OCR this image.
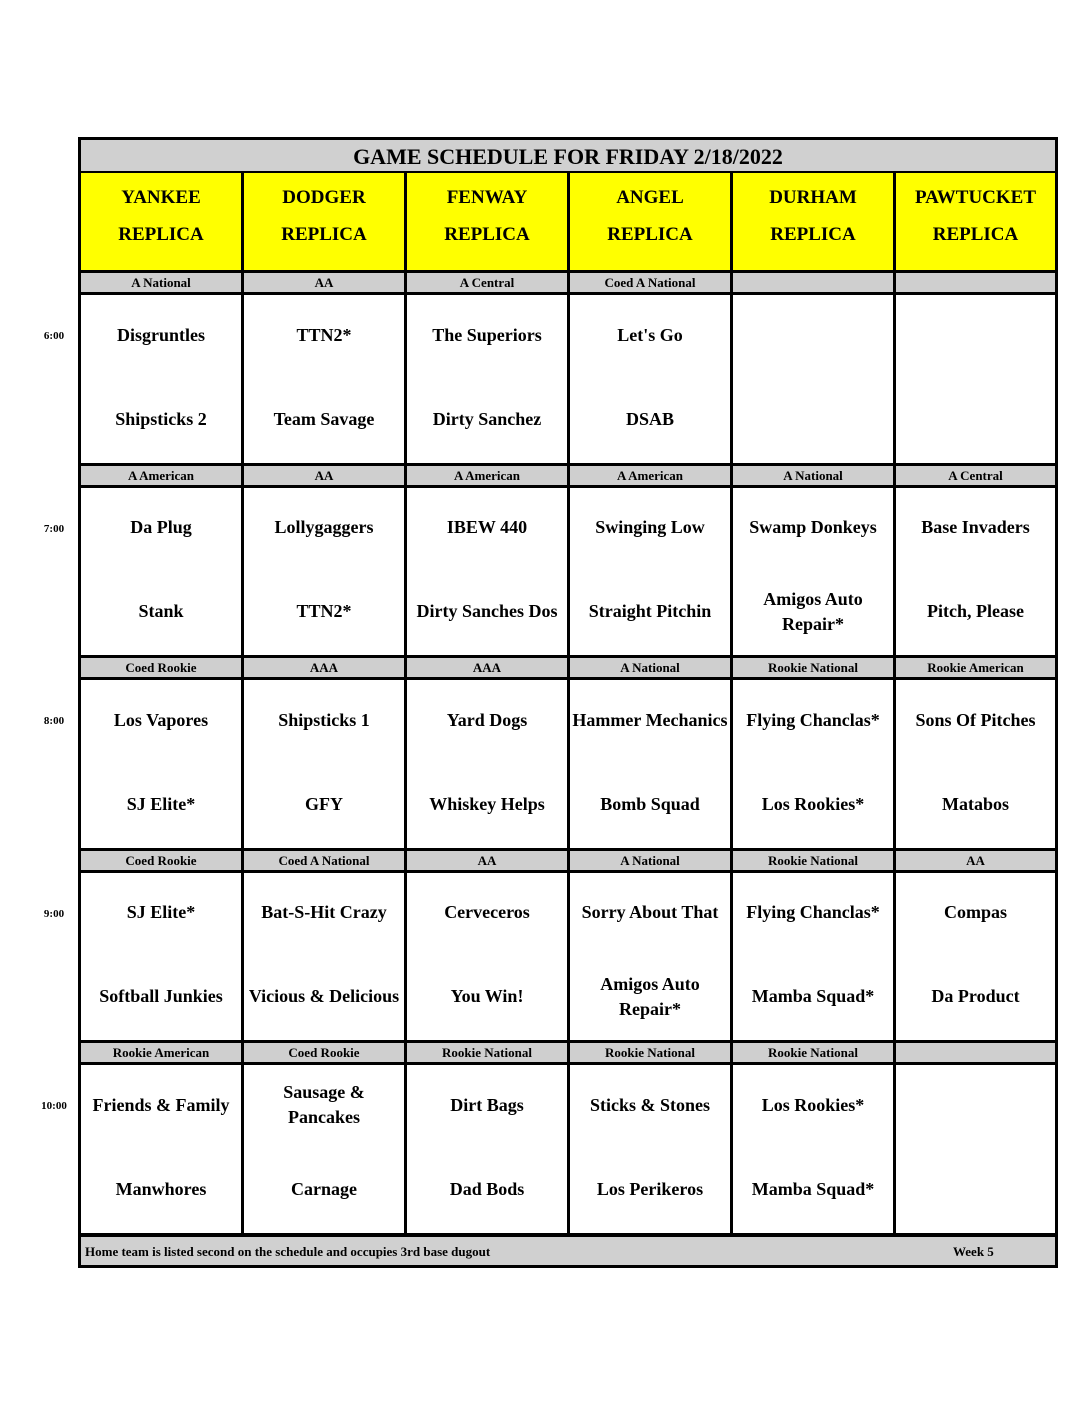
GAME SCHEDULE FOR FRIDAY 2/18/2022
YANKEE
REPLICA
DODGER
REPLICA
FENWAY
REPLICA
ANGEL
REPLICA
DURHAM
REPLICA
PAWTUCKET
REPLICA
A National
Disgruntles
Shipsticks 2
AA
TTN2*
Team Savage
A Central
The Superiors
Dirty Sanchez
Coed A National
Let's Go
DSAB
A American
Da Plug
Stank
AA
Lollygaggers
TTN2*
A American
IBEW 440
Dirty Sanches Dos
A American
Swinging Low
Straight Pitchin
A National
Swamp Donkeys
Amigos Auto Repair*
A Central
Base Invaders
Pitch, Please
Coed Rookie
Los Vapores
SJ Elite*
AAA
Shipsticks 1
GFY
AAA
Yard Dogs
Whiskey Helps
A National
Hammer Mechanics
Bomb Squad
Rookie National
Flying Chanclas*
Los Rookies*
Rookie American
Sons Of Pitches
Matabos
Coed Rookie
SJ Elite*
Softball Junkies
Coed A National
Bat-S-Hit Crazy
Vicious & Delicious
AA
Cerveceros
You Win!
A National
Sorry About That
Amigos Auto Repair*
Rookie National
Flying Chanclas*
Mamba Squad*
AA
Compas
Da Product
Rookie American
Friends & Family
Manwhores
Coed Rookie
Sausage & Pancakes
Carnage
Rookie National
Dirt Bags
Dad Bods
Rookie National
Sticks & Stones
Los Perikeros
Rookie National
Los Rookies*
Mamba Squad*
Home team is listed second on the schedule and occupies 3rd base dugout	Week 5
6:00
7:00
8:00
9:00
10:00
